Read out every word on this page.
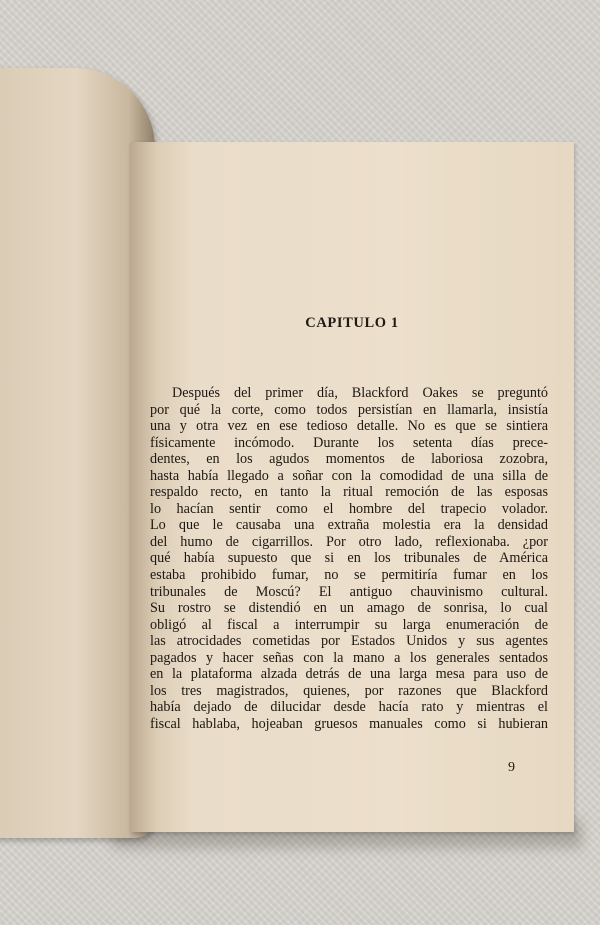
CAPITULO 1
Después del primer día, Blackford Oakes se preguntó
por qué la corte, como todos persistían en llamarla, insistía
una y otra vez en ese tedioso detalle. No es que se sintiera
físicamente incómodo. Durante los setenta días prece-
dentes, en los agudos momentos de laboriosa zozobra,
hasta había llegado a soñar con la comodidad de una silla de
respaldo recto, en tanto la ritual remoción de las esposas
lo hacían sentir como el hombre del trapecio volador.
Lo que le causaba una extraña molestia era la densidad
del humo de cigarrillos. Por otro lado, reflexionaba. ¿por
qué había supuesto que si en los tribunales de América
estaba prohibido fumar, no se permitiría fumar en los
tribunales de Moscú? El antiguo chauvinismo cultural.
Su rostro se distendió en un amago de sonrisa, lo cual
obligó al fiscal a interrumpir su larga enumeración de
las atrocidades cometidas por Estados Unidos y sus agentes
pagados y hacer señas con la mano a los generales sentados
en la plataforma alzada detrás de una larga mesa para uso de
los tres magistrados, quienes, por razones que Blackford
había dejado de dilucidar desde hacía rato y mientras el
fiscal hablaba, hojeaban gruesos manuales como si hubieran
9
